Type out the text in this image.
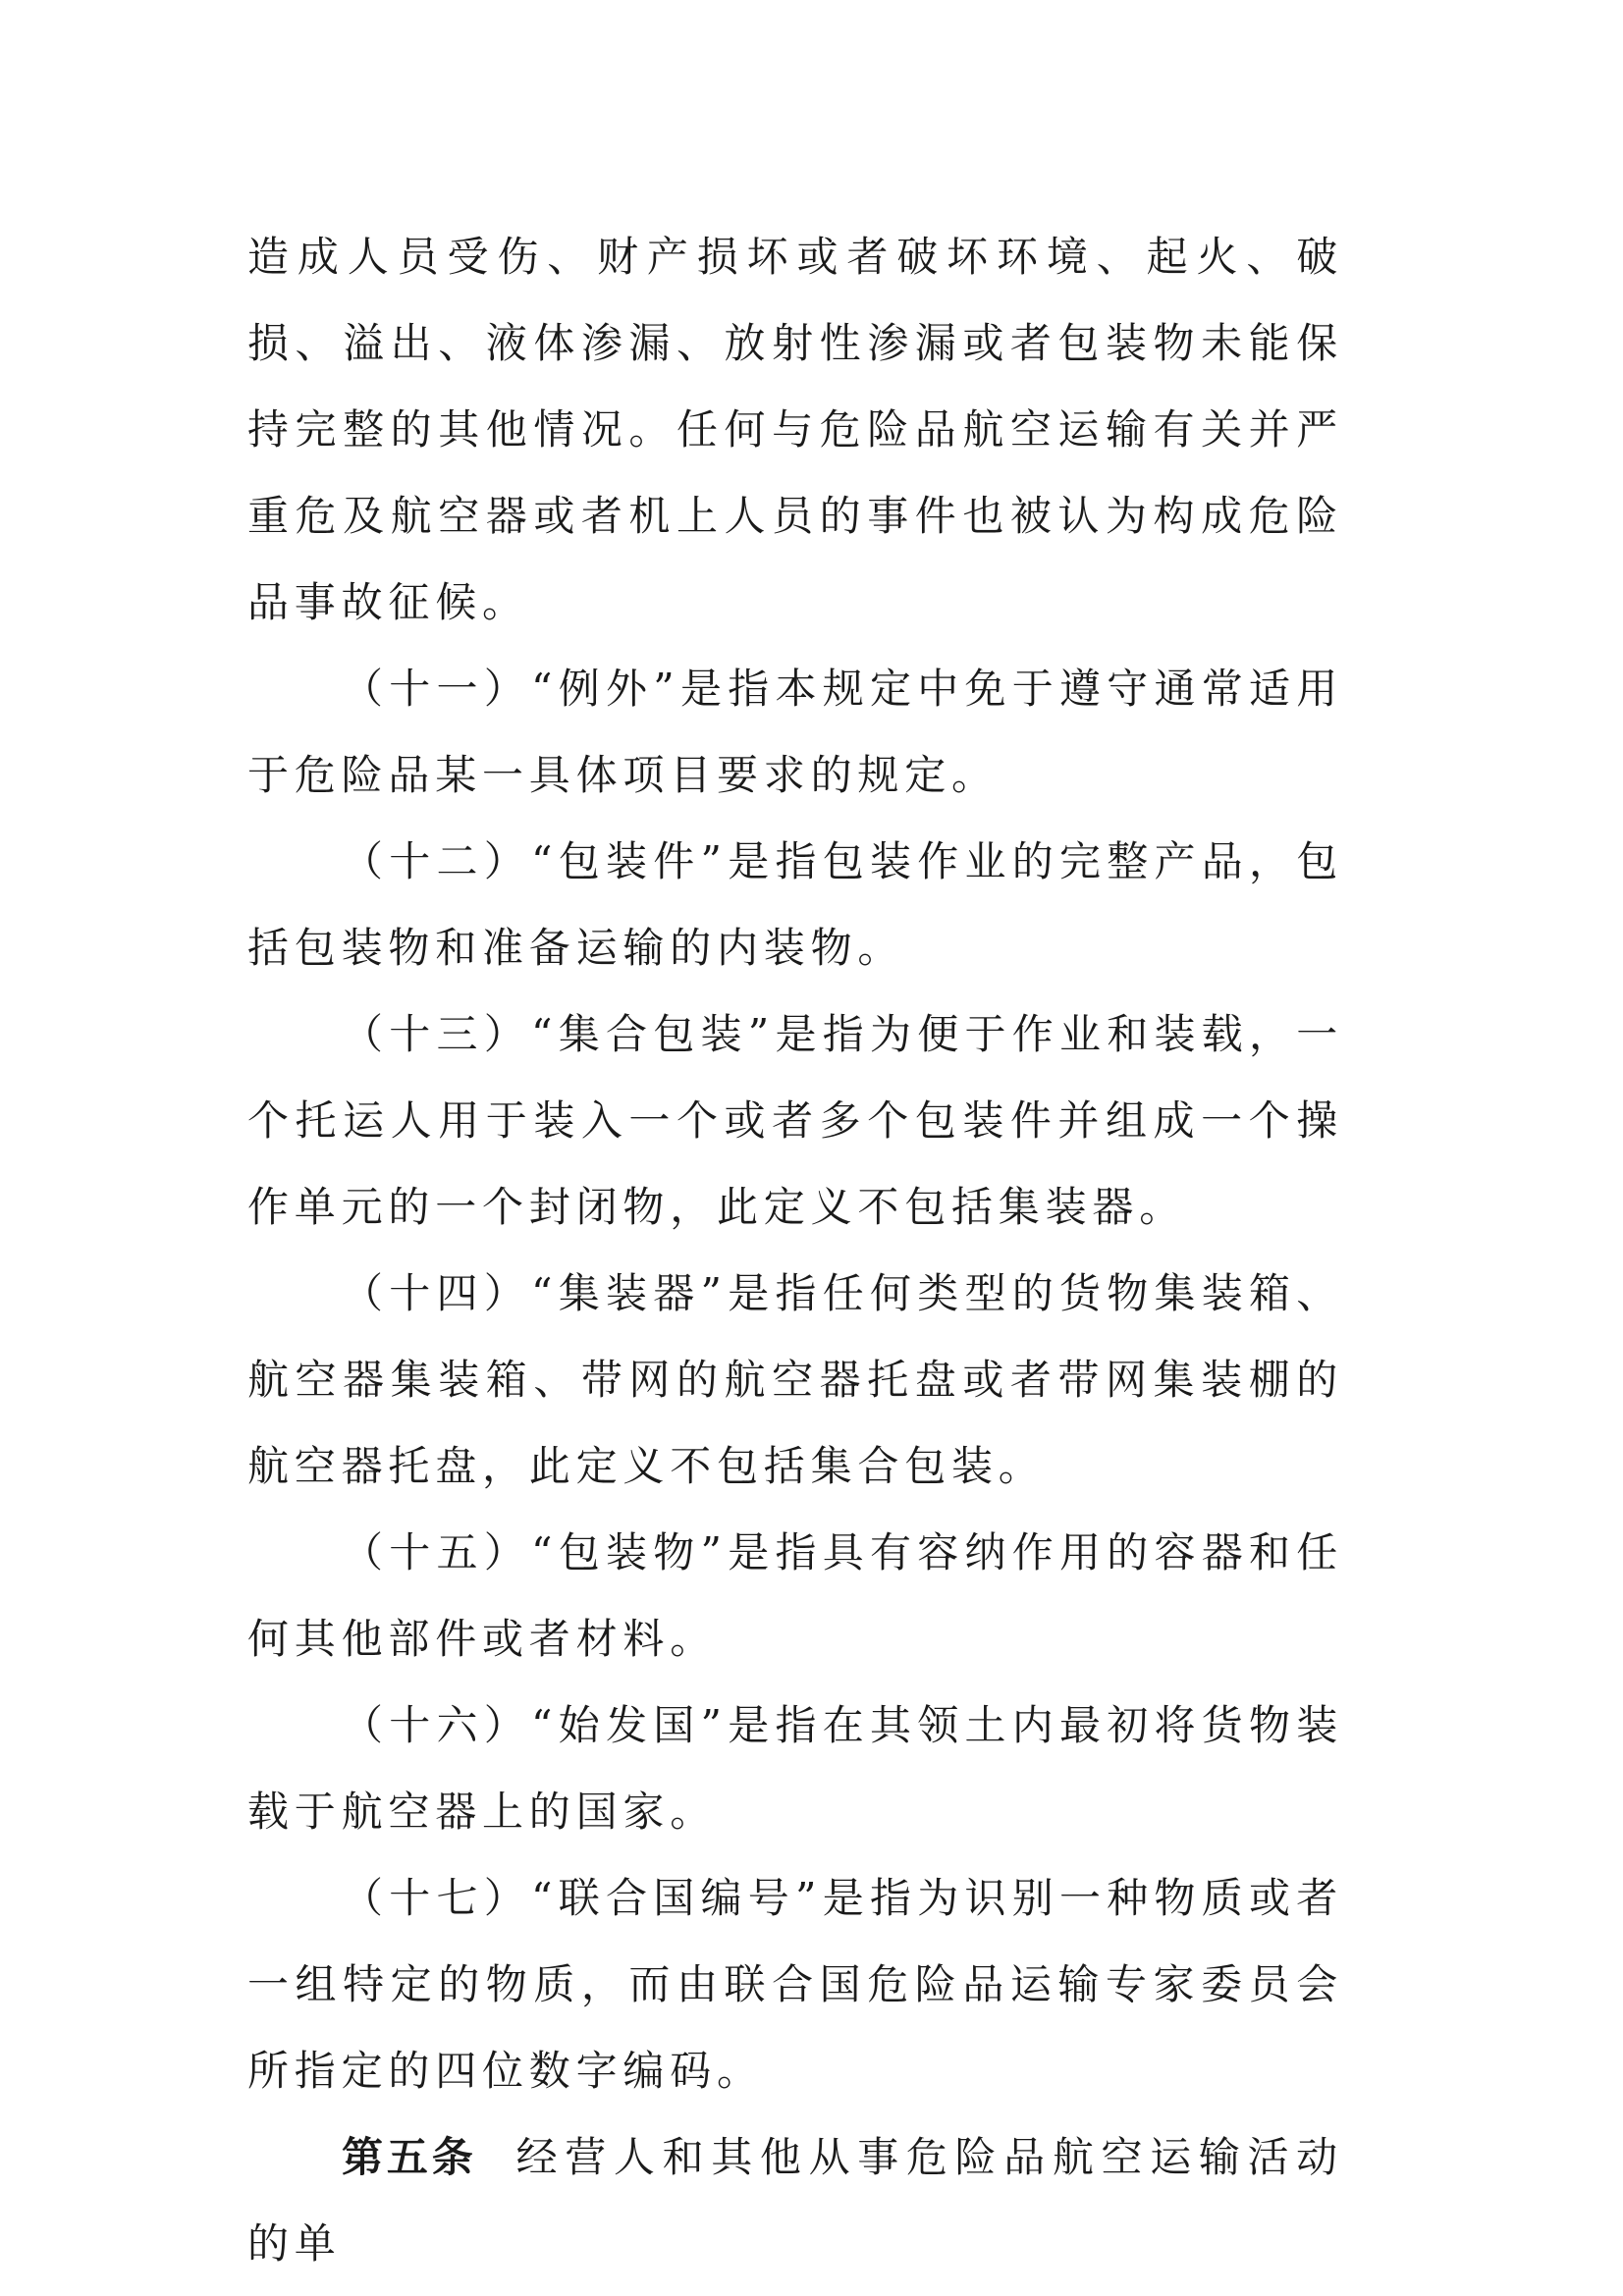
造成人员受伤、财产损坏或者破坏环境、起火、破损、溢出、液体渗漏、放射性渗漏或者包装物未能保持完整的其他情况。任何与危险品航空运输有关并严重危及航空器或者机上人员的事件也被认为构成危险品事故征候。

（十一）“例外”是指本规定中免于遵守通常适用于危险品某一具体项目要求的规定。

（十二）“包装件”是指包装作业的完整产品，包括包装物和准备运输的内装物。

（十三）“集合包装”是指为便于作业和装载，一个托运人用于装入一个或者多个包装件并组成一个操作单元的一个封闭物，此定义不包括集装器。

（十四）“集装器”是指任何类型的货物集装箱、航空器集装箱、带网的航空器托盘或者带网集装棚的航空器托盘，此定义不包括集合包装。

（十五）“包装物”是指具有容纳作用的容器和任何其他部件或者材料。

（十六）“始发国”是指在其领土内最初将货物装载于航空器上的国家。

（十七）“联合国编号”是指为识别一种物质或者一组特定的物质，而由联合国危险品运输专家委员会所指定的四位数字编码。

第五条 经营人和其他从事危险品航空运输活动的单
